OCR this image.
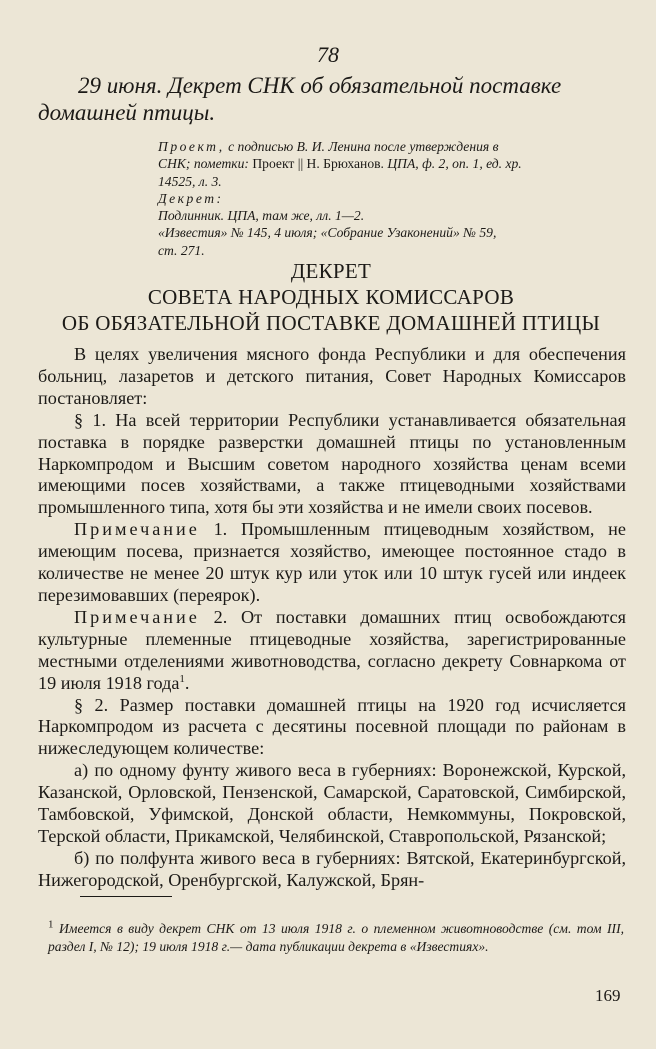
78
29 июня. Декрет СНК об обязательной поставке
домашней птицы.
Проект, с подписью В. И. Ленина после утверждения в
СНК; пометки: Проект || Н. Брюханов. ЦПА, ф. 2, оп. 1, ед. хр.
14525, л. 3.
Декрет:
Подлинник. ЦПА, там же, лл. 1—2.
«Известия» № 145, 4 июля; «Собрание Узаконений» № 59,
ст. 271.
ДЕКРЕТ
СОВЕТА НАРОДНЫХ КОМИССАРОВ
ОБ ОБЯЗАТЕЛЬНОЙ ПОСТАВКЕ ДОМАШНЕЙ ПТИЦЫ

В целях увеличения мясного фонда Республики и для обеспечения больниц, лазаретов и детского питания, Совет Народных Комиссаров постановляет:

§ 1. На всей территории Республики устанавливается обязательная поставка в порядке разверстки домашней птицы по установленным Наркомпродом и Высшим советом народного хозяйства ценам всеми имеющими посев хозяйствами, а также птицеводными хозяйствами промышленного типа, хотя бы эти хозяйства и не имели своих посевов.

Примечание 1. Промышленным птицеводным хозяйством, не имеющим посева, признается хозяйство, имеющее постоянное стадо в количестве не менее 20 штук кур или уток или 10 штук гусей или индеек перезимовавших (переярок).

Примечание 2. От поставки домашних птиц освобождаются культурные племенные птицеводные хозяйства, зарегистрированные местными отделениями животноводства, согласно декрету Совнаркома от 19 июля 1918 года$^1$.

§ 2. Размер поставки домашней птицы на 1920 год исчисляется Наркомпродом из расчета с десятины посевной площади по районам в нижеследующем количестве:

а) по одному фунту живого веса в губерниях: Воронежской, Курской, Казанской, Орловской, Пензенской, Самарской, Саратовской, Симбирской, Тамбовской, Уфимской, Донской области, Немкоммуны, Покровской, Терской области, Прикамской, Челябинской, Ставропольской, Рязанской;

б) по полфунта живого веса в губерниях: Вятской, Екатеринбургской, Нижегородской, Оренбургской, Калужской, Брян-

$^1$ Имеется в виду декрет СНК от 13 июля 1918 г. о племенном животноводстве (см. том III, раздел I, № 12); 19 июля 1918 г.— дата публикации декрета в «Известиях».
169
